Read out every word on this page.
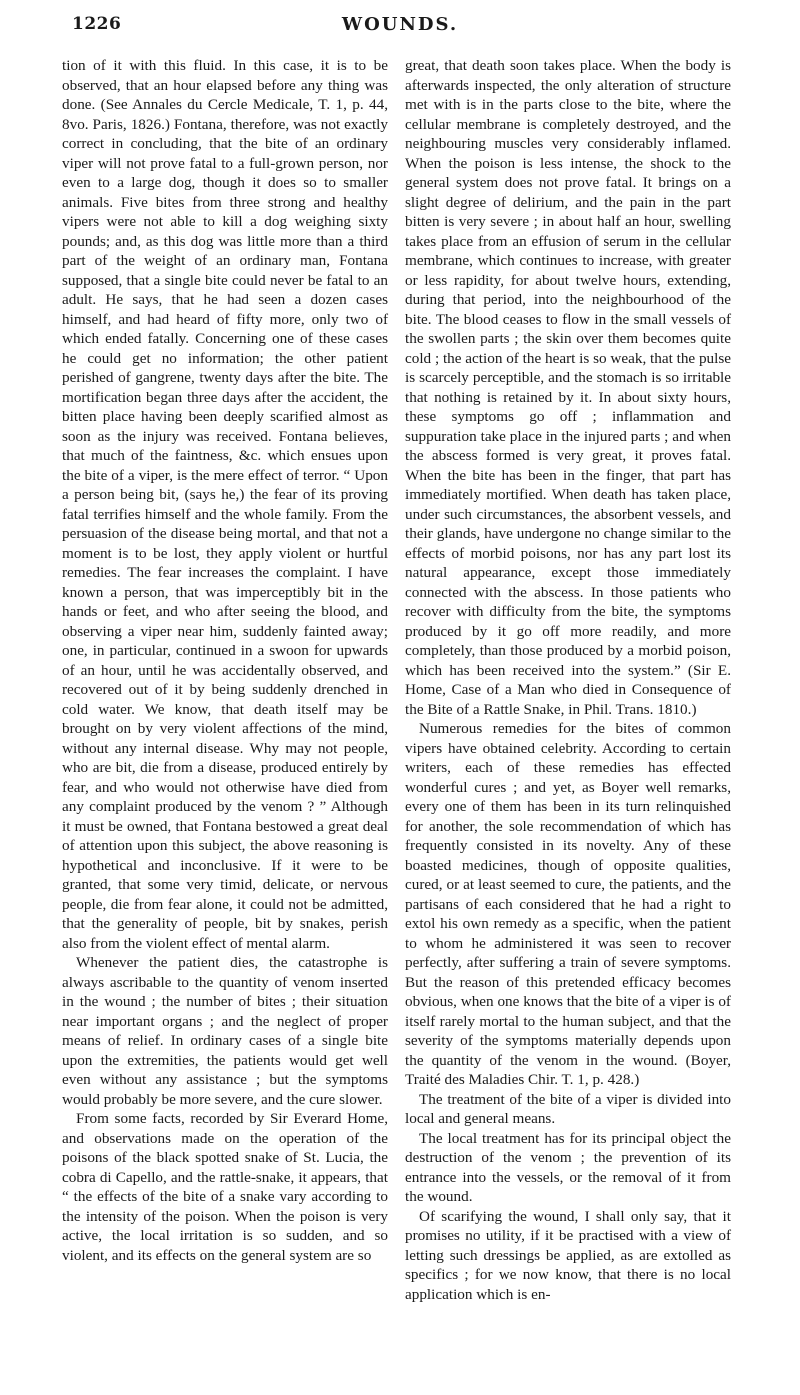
1226	WOUNDS.

tion of it with this fluid. In this case, it is to be observed, that an hour elapsed before any thing was done. (See Annales du Cercle Medicale, T. 1, p. 44, 8vo. Paris, 1826.) Fontana, therefore, was not exactly correct in concluding, that the bite of an ordinary viper will not prove fatal to a full-grown person, nor even to a large dog, though it does so to smaller animals. Five bites from three strong and healthy vipers were not able to kill a dog weighing sixty pounds; and, as this dog was little more than a third part of the weight of an ordinary man, Fontana supposed, that a single bite could never be fatal to an adult. He says, that he had seen a dozen cases himself, and had heard of fifty more, only two of which ended fatally. Concerning one of these cases he could get no information; the other patient perished of gangrene, twenty days after the bite. The mortification began three days after the accident, the bitten place having been deeply scarified almost as soon as the injury was received. Fontana believes, that much of the faintness, &c. which ensues upon the bite of a viper, is the mere effect of terror. “ Upon a person being bit, (says he,) the fear of its proving fatal terrifies himself and the whole family. From the persuasion of the disease being mortal, and that not a moment is to be lost, they apply violent or hurtful remedies. The fear increases the complaint. I have known a person, that was imperceptibly bit in the hands or feet, and who after seeing the blood, and observing a viper near him, suddenly fainted away; one, in particular, continued in a swoon for upwards of an hour, until he was accidentally observed, and recovered out of it by being suddenly drenched in cold water. We know, that death itself may be brought on by very violent affections of the mind, without any internal disease. Why may not people, who are bit, die from a disease, produced entirely by fear, and who would not otherwise have died from any complaint produced by the venom ? ” Although it must be owned, that Fontana bestowed a great deal of attention upon this subject, the above reasoning is hypothetical and inconclusive. If it were to be granted, that some very timid, delicate, or nervous people, die from fear alone, it could not be admitted, that the generality of people, bit by snakes, perish also from the violent effect of mental alarm.

Whenever the patient dies, the catastrophe is always ascribable to the quantity of venom inserted in the wound ; the number of bites ; their situation near important organs ; and the neglect of proper means of relief. In ordinary cases of a single bite upon the extremities, the patients would get well even without any assistance ; but the symptoms would probably be more severe, and the cure slower.

From some facts, recorded by Sir Everard Home, and observations made on the operation of the poisons of the black spotted snake of St. Lucia, the cobra di Capello, and the rattle-snake, it appears, that “ the effects of the bite of a snake vary according to the intensity of the poison. When the poison is very active, the local irritation is so sudden, and so violent, and its effects on the general system are so

great, that death soon takes place. When the body is afterwards inspected, the only alteration of structure met with is in the parts close to the bite, where the cellular membrane is completely destroyed, and the neighbouring muscles very considerably inflamed. When the poison is less intense, the shock to the general system does not prove fatal. It brings on a slight degree of delirium, and the pain in the part bitten is very severe ; in about half an hour, swelling takes place from an effusion of serum in the cellular membrane, which continues to increase, with greater or less rapidity, for about twelve hours, extending, during that period, into the neighbourhood of the bite. The blood ceases to flow in the small vessels of the swollen parts ; the skin over them becomes quite cold ; the action of the heart is so weak, that the pulse is scarcely perceptible, and the stomach is so irritable that nothing is retained by it. In about sixty hours, these symptoms go off ; inflammation and suppuration take place in the injured parts ; and when the abscess formed is very great, it proves fatal. When the bite has been in the finger, that part has immediately mortified. When death has taken place, under such circumstances, the absorbent vessels, and their glands, have undergone no change similar to the effects of morbid poisons, nor has any part lost its natural appearance, except those immediately connected with the abscess. In those patients who recover with difficulty from the bite, the symptoms produced by it go off more readily, and more completely, than those produced by a morbid poison, which has been received into the system.” (Sir E. Home, Case of a Man who died in Consequence of the Bite of a Rattle Snake, in Phil. Trans. 1810.)

Numerous remedies for the bites of common vipers have obtained celebrity. According to certain writers, each of these remedies has effected wonderful cures ; and yet, as Boyer well remarks, every one of them has been in its turn relinquished for another, the sole recommendation of which has frequently consisted in its novelty. Any of these boasted medicines, though of opposite qualities, cured, or at least seemed to cure, the patients, and the partisans of each considered that he had a right to extol his own remedy as a specific, when the patient to whom he administered it was seen to recover perfectly, after suffering a train of severe symptoms. But the reason of this pretended efficacy becomes obvious, when one knows that the bite of a viper is of itself rarely mortal to the human subject, and that the severity of the symptoms materially depends upon the quantity of the venom in the wound. (Boyer, Traité des Maladies Chir. T. 1, p. 428.)

The treatment of the bite of a viper is divided into local and general means.

The local treatment has for its principal object the destruction of the venom ; the prevention of its entrance into the vessels, or the removal of it from the wound.

Of scarifying the wound, I shall only say, that it promises no utility, if it be practised with a view of letting such dressings be applied, as are extolled as specifics ; for we now know, that there is no local application which is en-
